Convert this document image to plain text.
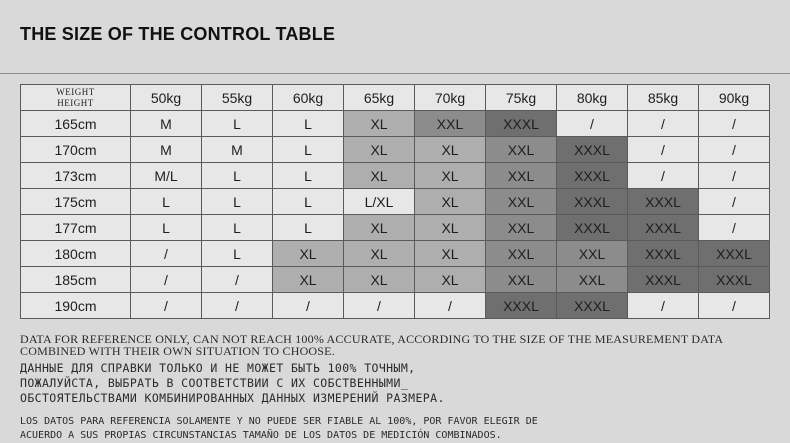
THE SIZE OF THE CONTROL TABLE
WEIGHT
HEIGHT	50kg	55kg	60kg	65kg	70kg	75kg	80kg	85kg	90kg
165cm	M	L	L	XL	XXL	XXXL	/	/	/
170cm	M	M	L	XL	XL	XXL	XXXL	/	/
173cm	M/L	L	L	XL	XL	XXL	XXXL	/	/
175cm	L	L	L	L/XL	XL	XXL	XXXL	XXXL	/
177cm	L	L	L	XL	XL	XXL	XXXL	XXXL	/
180cm	/	L	XL	XL	XL	XXL	XXL	XXXL	XXXL
185cm	/	/	XL	XL	XL	XXL	XXL	XXXL	XXXL
190cm	/	/	/	/	/	XXXL	XXXL	/	/
DATA FOR REFERENCE ONLY, CAN NOT REACH 100% ACCURATE, ACCORDING TO THE SIZE OF THE MEASUREMENT DATA COMBINED WITH THEIR OWN SITUATION TO CHOOSE.
ДАННЫЕ ДЛЯ СПРАВКИ ТОЛЬКО И НЕ МОЖЕТ БЫТЬ 100% ТОЧНЫМ,
ПОЖАЛУЙСТА, ВЫБРАТЬ В СООТВЕТСТВИИ С ИХ СОБСТВЕННЫМИ_
ОБСТОЯТЕЛЬСТВАМИ КОМБИНИРОВАННЫХ ДАННЫХ ИЗМЕРЕНИЙ РАЗМЕРА.
LOS DATOS PARA REFERENCIA SOLAMENTE Y NO PUEDE SER FIABLE AL 100%, POR FAVOR ELEGIR DE
ACUERDO A SUS PROPIAS CIRCUNSTANCIAS TAMAÑO DE LOS DATOS DE MEDICIÓN COMBINADOS.
